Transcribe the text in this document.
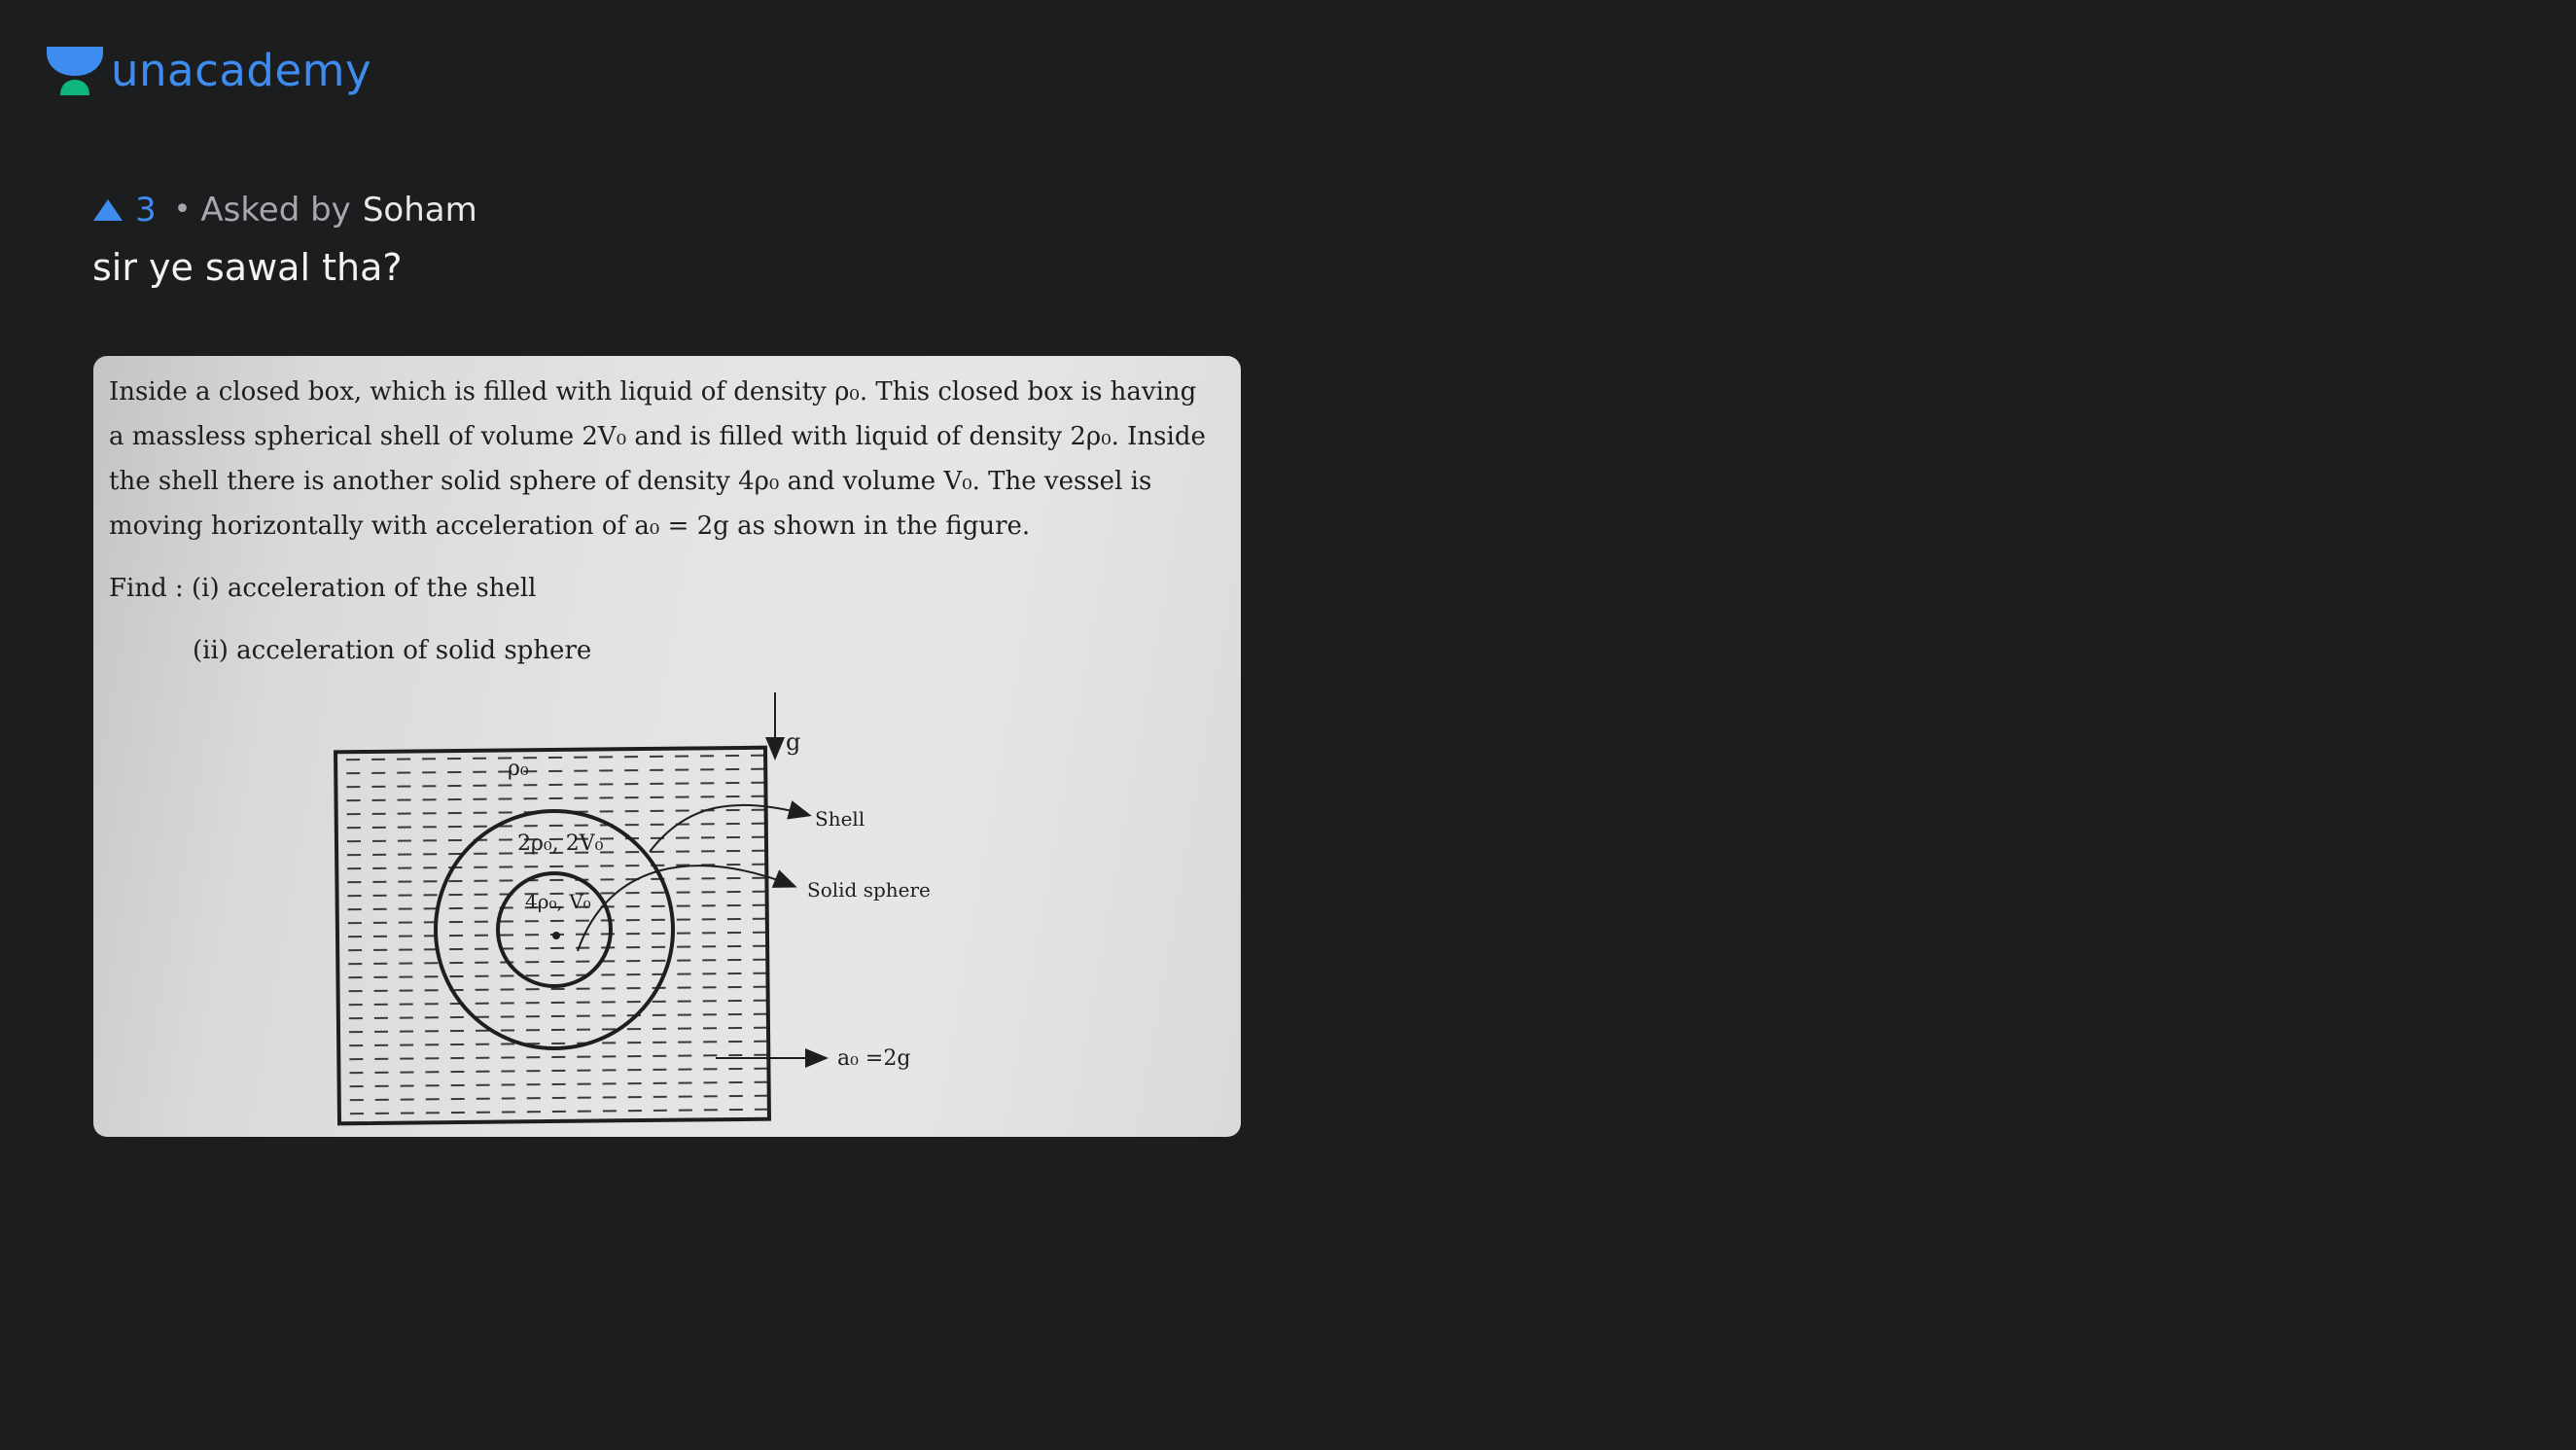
unacademy
3 • Asked by Soham
sir ye sawal tha?

Inside a closed box, which is filled with liquid of density ρ₀. This closed box is having a massless spherical shell of volume 2V₀ and is filled with liquid of density 2ρ₀. Inside the shell there is another solid sphere of density 4ρ₀ and volume V₀. The vessel is moving horizontally with acceleration of a₀ = 2g as shown in the figure.

Find : (i) acceleration of the shell

(ii) acceleration of solid sphere

g
ρ₀
2ρ₀, 2V₀
4ρ₀, V₀
Shell
Solid sphere
a₀ =2g
